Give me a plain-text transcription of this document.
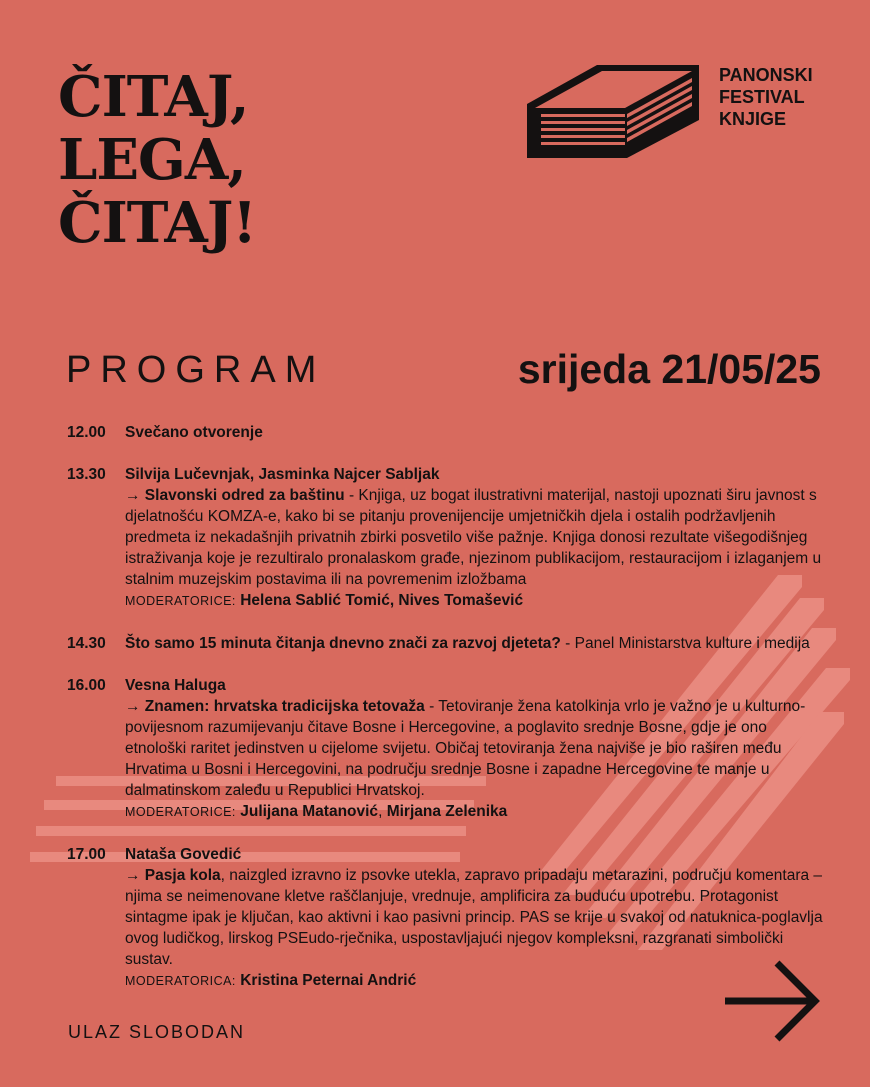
ČITAJ,
LEGA,
ČITAJ!
PANONSKI
FESTIVAL
KNJIGE
PROGRAM	srijeda 21/05/25
12.00	Svečano otvorenje
13.30	Silvija Lučevnjak, Jasminka Najcer Sabljak
→ Slavonski odred za baštinu - Knjiga, uz bogat ilustrativni materijal, nastoji upoznati širu javnost s djelatnošću KOMZA-e, kako bi se pitanju provenijencije umjetničkih djela i ostalih podržavljenih predmeta iz nekadašnjih privatnih zbirki posvetilo više pažnje. Knjiga donosi rezultate višegodišnjeg istraživanja koje je rezultiralo pronalaskom građe, njezinom publikacijom, restauracijom i izlaganjem u stalnim muzejskim postavima ili na povremenim izložbama
MODERATORICE: Helena Sablić Tomić, Nives Tomašević
14.30	Što samo 15 minuta čitanja dnevno znači za razvoj djeteta? - Panel Ministarstva kulture i medija
16.00	Vesna Haluga
→ Znamen: hrvatska tradicijska tetovaža - Tetoviranje žena katolkinja vrlo je važno je u kulturno-povijesnom razumijevanju čitave Bosne i Hercegovine, a poglavito srednje Bosne, gdje je ono etnološki raritet jedinstven u cijelome svijetu. Običaj tetoviranja žena najviše je bio raširen među Hrvatima u Bosni i Hercegovini, na području srednje Bosne i zapadne Hercegovine te manje u dalmatinskom zaleđu u Republici Hrvatskoj.
MODERATORICE: Julijana Matanović, Mirjana Zelenika
17.00	Nataša Govedić
→ Pasja kola, naizgled izravno iz psovke utekla, zapravo pripadaju metarazini, području komentara – njima se neimenovane kletve raščlanjuje, vrednuje, amplificira za buduću upotrebu. Protagonist sintagme ipak je ključan, kao aktivni i kao pasivni princip. PAS se krije u svakoj od natuknica-poglavlja ovog ludičkog, lirskog PSEudo-rječnika, uspostavljajući njegov kompleksni, razgranati simbolički sustav.
MODERATORICA: Kristina Peternai Andrić
ULAZ SLOBODAN
